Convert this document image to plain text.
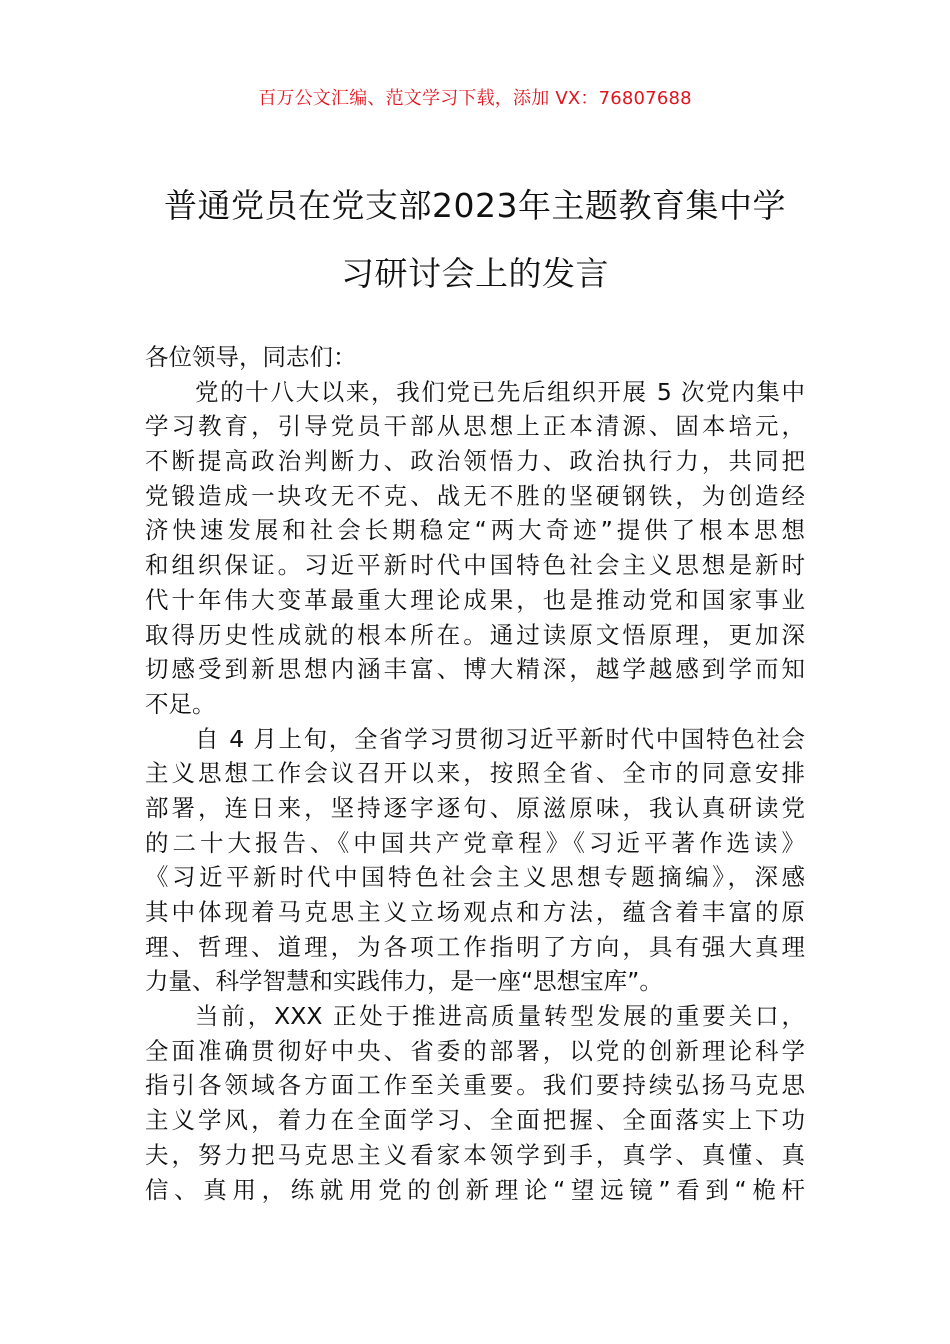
百万公文汇编、范文学习下载，添加 VX：76807688
普通党员在党支部2023年主题教育集中学
习研讨会上的发言
各位领导，同志们：
党的十八大以来，我们党已先后组织开展 5 次党内集中
学习教育，引导党员干部从思想上正本清源、固本培元，
不断提高政治判断力、政治领悟力、政治执行力，共同把
党锻造成一块攻无不克、战无不胜的坚硬钢铁，为创造经
济快速发展和社会长期稳定“两大奇迹”提供了根本思想
和组织保证。习近平新时代中国特色社会主义思想是新时
代十年伟大变革最重大理论成果，也是推动党和国家事业
取得历史性成就的根本所在。通过读原文悟原理，更加深
切感受到新思想内涵丰富、博大精深，越学越感到学而知
不足。
自 4 月上旬，全省学习贯彻习近平新时代中国特色社会
主义思想工作会议召开以来，按照全省、全市的同意安排
部署，连日来，坚持逐字逐句、原滋原味，我认真研读党
的二十大报告、《中国共产党章程》《习近平著作选读》
《习近平新时代中国特色社会主义思想专题摘编》，深感
其中体现着马克思主义立场观点和方法，蕴含着丰富的原
理、哲理、道理，为各项工作指明了方向，具有强大真理
力量、科学智慧和实践伟力，是一座“思想宝库”。
当前，XXX 正处于推进高质量转型发展的重要关口，
全面准确贯彻好中央、省委的部署，以党的创新理论科学
指引各领域各方面工作至关重要。我们要持续弘扬马克思
主义学风，着力在全面学习、全面把握、全面落实上下功
夫，努力把马克思主义看家本领学到手，真学、真懂、真
信、真用，练就用党的创新理论“望远镜”看到“桅杆
